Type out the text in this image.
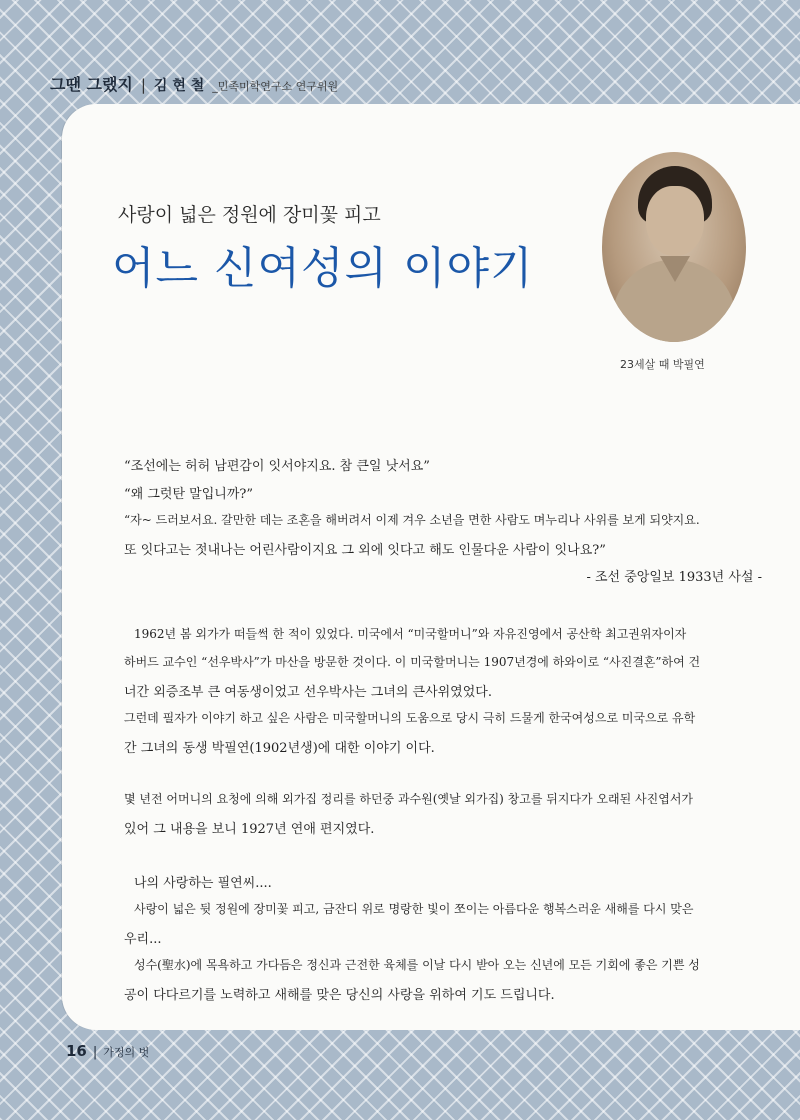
그땐 그랬지 | 김 현 철 _민족미학연구소 연구위원
사랑이 넓은 정원에 장미꽃 피고
어느 신여성의 이야기
23세살 때 박필연
“조선에는 허허 남편감이 잇서야지요. 참 큰일 낫서요”
“왜 그럿탄 말입니까?”
“자~ 드러보서요. 갈만한 데는 조혼을 해버려서 이제 겨우 소년을 면한 사람도 며누리나 사위를 보게 되얏지요.
또 잇다고는 젓내나는 어린사람이지요 그 외에 잇다고 해도 인물다운 사람이 잇나요?”
- 조선 중앙일보 1933년 사설 -
1962년 봄 외가가 떠들썩 한 적이 있었다. 미국에서 “미국할머니”와 자유진영에서 공산학 최고권위자이자
하버드 교수인 “선우박사”가 마산을 방문한 것이다. 이 미국할머니는 1907년경에 하와이로 “사진결혼”하여 건
너간 외증조부 큰 여동생이었고 선우박사는 그녀의 큰사위였었다.
그런데 필자가 이야기 하고 싶은 사람은 미국할머니의 도움으로 당시 극히 드물게 한국여성으로 미국으로 유학
간 그녀의 동생 박필연(1902년생)에 대한 이야기 이다.
몇 년전 어머니의 요청에 의해 외가집 정리를 하던중 과수원(옛날 외가집) 창고를 뒤지다가 오래된 사진엽서가
있어 그 내용을 보니 1927년 연애 편지였다.
나의 사랑하는 필연씨....
사랑이 넓은 뒷 정원에 장미꽃 피고, 금잔디 위로 명랑한 빛이 쪼이는 아름다운 행복스러운 새해를 다시 맞은
우리...
성수(聖水)에 목욕하고 가다듬은 정신과 근전한 육체를 이날 다시 받아 오는 신년에 모든 기회에 좋은 기쁜 성
공이 다다르기를 노력하고 새해를 맞은 당신의 사랑을 위하여 기도 드립니다.
16 | 가정의 벗
